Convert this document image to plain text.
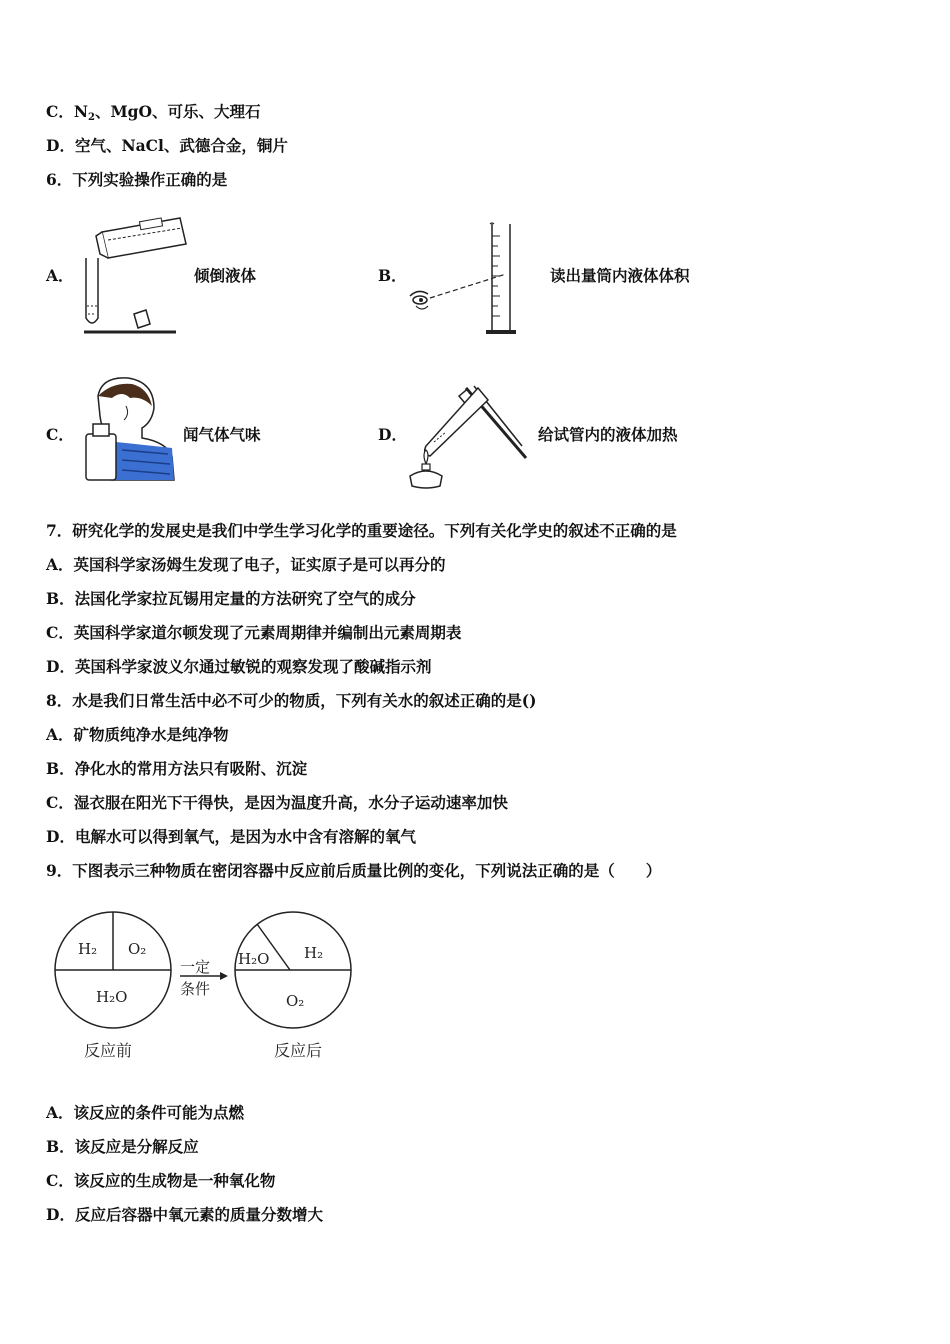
C．$N_2$、MgO、可乐、大理石
D．空气、NaCl、武德合金，铜片
6．下列实验操作正确的是
A．	倾倒液体	B．	读出量筒内液体体积
C．	闻气体气味	D．	给试管内的液体加热
7．研究化学的发展史是我们中学生学习化学的重要途径。下列有关化学史的叙述不正确的是
A．英国科学家汤姆生发现了电子，证实原子是可以再分的
B．法国化学家拉瓦锡用定量的方法研究了空气的成分
C．英国科学家道尔顿发现了元素周期律并编制出元素周期表
D．英国科学家波义尔通过敏锐的观察发现了酸碱指示剂
8．水是我们日常生活中必不可少的物质，下列有关水的叙述正确的是()
A．矿物质纯净水是纯净物
B．净化水的常用方法只有吸附、沉淀
C．湿衣服在阳光下干得快，是因为温度升高，水分子运动速率加快
D．电解水可以得到氧气，是因为水中含有溶解的氧气
9．下图表示三种物质在密闭容器中反应前后质量比例的变化，下列说法正确的是（　　）
H₂ O₂
H₂O
一定
条件
H₂O H₂
O₂
反应前	反应后
A．该反应的条件可能为点燃
B．该反应是分解反应
C．该反应的生成物是一种氧化物
D．反应后容器中氧元素的质量分数增大
